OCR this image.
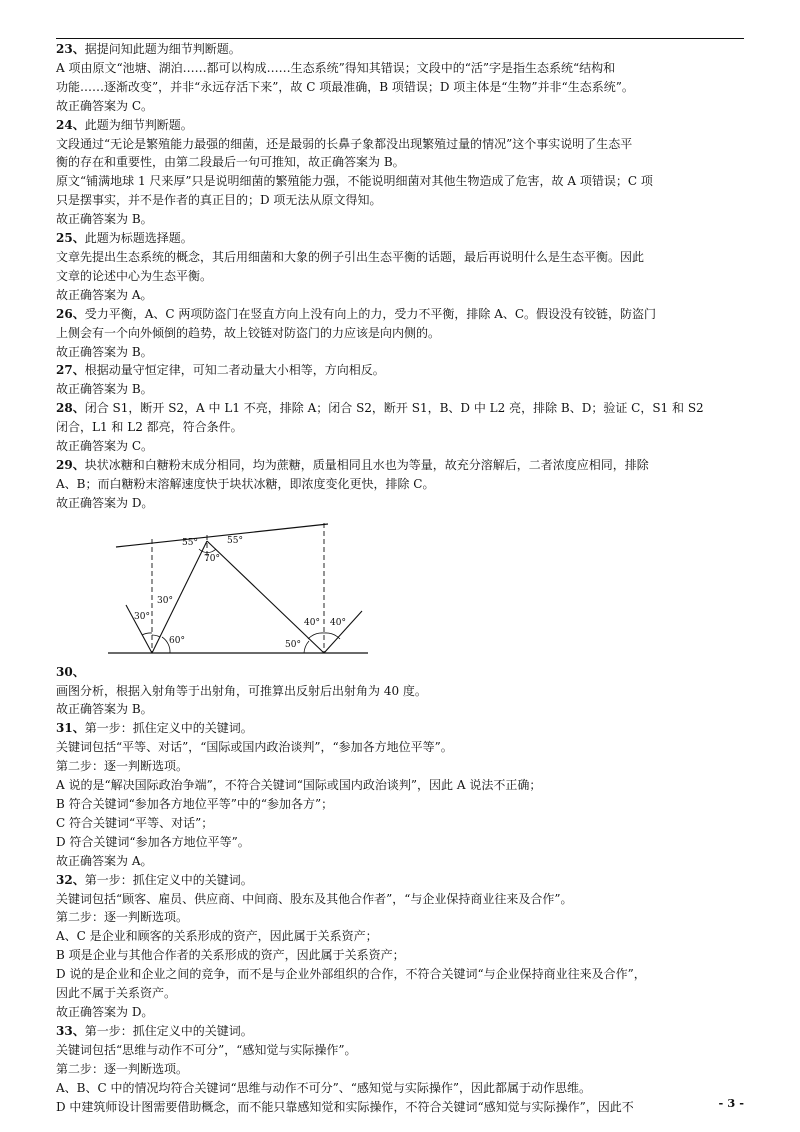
23、据提问知此题为细节判断题。
A 项由原文“池塘、湖泊……都可以构成……生态系统”得知其错误；文段中的“活”字是指生态系统“结构和
功能……逐渐改变”，并非“永远存活下来”，故 C 项最准确，B 项错误；D 项主体是“生物”并非“生态系统”。
故正确答案为 C。
24、此题为细节判断题。
文段通过“无论是繁殖能力最强的细菌，还是最弱的长鼻子象都没出现繁殖过量的情况”这个事实说明了生态平
衡的存在和重要性，由第二段最后一句可推知，故正确答案为 B。
原文“铺满地球 1 尺来厚”只是说明细菌的繁殖能力强，不能说明细菌对其他生物造成了危害，故 A 项错误；C 项
只是摆事实，并不是作者的真正目的；D 项无法从原文得知。
故正确答案为 B。
25、此题为标题选择题。
文章先提出生态系统的概念，其后用细菌和大象的例子引出生态平衡的话题，最后再说明什么是生态平衡。因此
文章的论述中心为生态平衡。
故正确答案为 A。
26、受力平衡，A、C 两项防盗门在竖直方向上没有向上的力，受力不平衡，排除 A、C。假设没有铰链，防盗门
上侧会有一个向外倾倒的趋势，故上铰链对防盗门的力应该是向内侧的。
故正确答案为 B。
27、根据动量守恒定律，可知二者动量大小相等，方向相反。
故正确答案为 B。
28、闭合 S1，断开 S2，A 中 L1 不亮，排除 A；闭合 S2，断开 S1，B、D 中 L2 亮，排除 B、D；验证 C，S1 和 S2
闭合，L1 和 L2 都亮，符合条件。
故正确答案为 C。
29、块状冰糖和白糖粉末成分相同，均为蔗糖，质量相同且水也为等量，故充分溶解后，二者浓度应相同，排除
A、B；而白糖粉末溶解速度快于块状冰糖，即浓度变化更快，排除 C。
故正确答案为 D。
55°
70°
55°
30°
30°
60°
40° 40°
50°
30、
画图分析，根据入射角等于出射角，可推算出反射后出射角为 40 度。
故正确答案为 B。
31、第一步：抓住定义中的关键词。
关键词包括“平等、对话”，“国际或国内政治谈判”，“参加各方地位平等”。
第二步：逐一判断选项。
A 说的是“解决国际政治争端”，不符合关键词“国际或国内政治谈判”，因此 A 说法不正确；
B 符合关键词“参加各方地位平等”中的“参加各方”；
C 符合关键词“平等、对话”；
D 符合关键词“参加各方地位平等”。
故正确答案为 A。
32、第一步：抓住定义中的关键词。
关键词包括“顾客、雇员、供应商、中间商、股东及其他合作者”，“与企业保持商业往来及合作”。
第二步：逐一判断选项。
A、C 是企业和顾客的关系形成的资产，因此属于关系资产；
B 项是企业与其他合作者的关系形成的资产，因此属于关系资产；
D 说的是企业和企业之间的竞争，而不是与企业外部组织的合作，不符合关键词“与企业保持商业往来及合作”，
因此不属于关系资产。
故正确答案为 D。
33、第一步：抓住定义中的关键词。
关键词包括“思维与动作不可分”，“感知觉与实际操作”。
第二步：逐一判断选项。
A、B、C 中的情况均符合关键词“思维与动作不可分”、“感知觉与实际操作”，因此都属于动作思维。
D 中建筑师设计图需要借助概念，而不能只靠感知觉和实际操作，不符合关键词“感知觉与实际操作”，因此不	- 3 -
